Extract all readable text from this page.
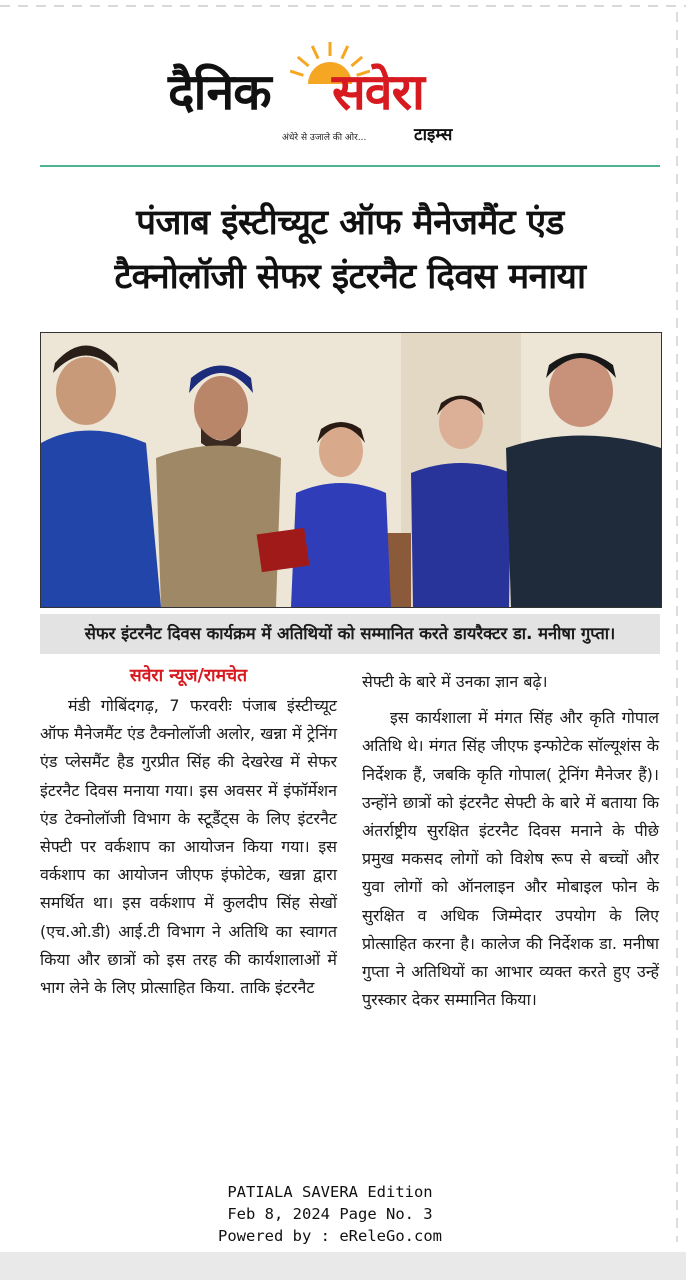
दैनिक सवेरा
अंधेरे से उजाले की ओर...	टाइम्स
पंजाब इंस्टीच्यूट ऑफ मैनेजमैंट एंड
टैक्नोलॉजी सेफर इंटरनैट दिवस मनाया
सेफर इंटरनैट दिवस कार्यक्रम में अतिथियों को सम्मानित करते डायरैक्टर डा. मनीषा गुप्ता।
सवेरा न्यूज/रामचेत

मंडी गोबिंदगढ़, 7 फरवरीः पंजाब इंस्टीच्यूट ऑफ मैनेजमैंट एंड टैक्नोलॉजी अलोर, खन्ना में ट्रेनिंग एंड प्लेसमैंट हैड गुरप्रीत सिंह की देखरेख में सेफर इंटरनैट दिवस मनाया गया। इस अवसर में इंफॉर्मेशन एंड टेक्नोलॉजी विभाग के स्टूडैंट्स के लिए इंटरनैट सेफ्टी पर वर्कशाप का आयोजन किया गया। इस वर्कशाप का आयोजन जीएफ इंफोटेक, खन्ना द्वारा समर्थित था। इस वर्कशाप में कुलदीप सिंह सेखों (एच.ओ.डी) आई.टी विभाग ने अतिथि का स्वागत किया और छात्रों को इस तरह की कार्यशालाओं में भाग लेने के लिए प्रोत्साहित किया. ताकि इंटरनैट

सेफ्टी के बारे में उनका ज्ञान बढ़े।

इस कार्यशाला में मंगत सिंह और कृति गोपाल अतिथि थे। मंगत सिंह जीएफ इन्फोटेक सॉल्यूशंस के निर्देशक हैं, जबकि कृति गोपाल( ट्रेनिंग मैनेजर हैं)। उन्होंने छात्रों को इंटरनैट सेफ्टी के बारे में बताया कि अंतर्राष्ट्रीय सुरक्षित इंटरनैट दिवस मनाने के पीछे प्रमुख मकसद लोगों को विशेष रूप से बच्चों और युवा लोगों को ऑनलाइन और मोबाइल फोन के सुरक्षित व अधिक जिम्मेदार उपयोग के लिए प्रोत्साहित करना है। कालेज की निर्देशक डा. मनीषा गुप्ता ने अतिथियों का आभार व्यक्त करते हुए उन्हें पुरस्कार देकर सम्मानित किया।

PATIALA SAVERA Edition
Feb 8, 2024 Page No. 3
Powered by : eReleGo.com
